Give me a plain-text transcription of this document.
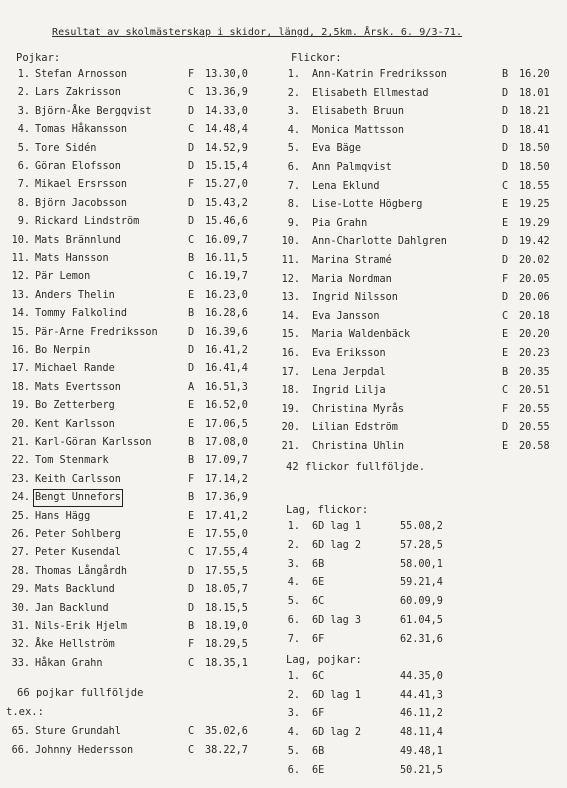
Resultat av skolmästerskap i skidor, längd, 2,5km. Årsk. 6. 9/3-71.
Pojkar:	Flickor:
1. Stefan Arnosson	F 13.30,0
2. Lars Zakrisson	C 13.36,9
3. Björn-Åke Bergqvist	D 14.33,0
4. Tomas Håkansson	C 14.48,4
5. Tore Sidén	D 14.52,9
6. Göran Elofsson	D 15.15,4
7. Mikael Ersrsson	F 15.27,0
8. Björn Jacobsson	D 15.43,2
9. Rickard Lindström	D 15.46,6
10. Mats Brännlund	C 16.09,7
11. Mats Hansson	B 16.11,5
12. Pär Lemon	C 16.19,7
13. Anders Thelin	E 16.23,0
14. Tommy Falkolind	B 16.28,6
15. Pär-Arne Fredriksson	D 16.39,6
16. Bo Nerpin	D 16.41,2
17. Michael Rande	D 16.41,4
18. Mats Evertsson	A 16.51,3
19. Bo Zetterberg	E 16.52,0
20. Kent Karlsson	E 17.06,5
21. Karl-Göran Karlsson	B 17.08,0
22. Tom Stenmark	B 17.09,7
23. Keith Carlsson	F 17.14,2
24. Bengt Unnefors	B 17.36,9
25. Hans Hägg	E 17.41,2
26. Peter Sohlberg	E 17.55,0
27. Peter Kusendal	C 17.55,4
28. Thomas Långårdh	D 17.55,5
29. Mats Backlund	D 18.05,7
30. Jan Backlund	D 18.15,5
31. Nils-Erik Hjelm	B 18.19,0
32. Åke Hellström	F 18.29,5
33. Håkan Grahn	C 18.35,1
1. Ann-Katrin Fredriksson	B 16.20
2. Elisabeth Ellmestad	D 18.01
3. Elisabeth Bruun	D 18.21
4. Monica Mattsson	D 18.41
5. Eva Bäge	D 18.50
6. Ann Palmqvist	D 18.50
7. Lena Eklund	C 18.55
8. Lise-Lotte Högberg	E 19.25
9. Pia Grahn	E 19.29
10. Ann-Charlotte Dahlgren	D 19.42
11. Marina Stramé	D 20.02
12. Maria Nordman	F 20.05
13. Ingrid Nilsson	D 20.06
14. Eva Jansson	C 20.18
15. Maria Waldenbäck	E 20.20
16. Eva Eriksson	E 20.23
17. Lena Jerpdal	B 20.35
18. Ingrid Lilja	C 20.51
19. Christina Myrås	F 20.55
20. Lilian Edström	D 20.55
21. Christina Uhlin	E 20.58
66 pojkar fullföljde
t.ex.:
65. Sture Grundahl	C 35.02,6
66. Johnny Hedersson	C 38.22,7
42 flickor fullföljde.
Lag, flickor:
1. 6D lag 1	55.08,2
2. 6D lag 2	57.28,5
3. 6B	58.00,1
4. 6E	59.21,4
5. 6C	60.09,9
6. 6D lag 3	61.04,5
7. 6F	62.31,6
Lag, pojkar:
1. 6C	44.35,0
2. 6D lag 1	44.41,3
3. 6F	46.11,2
4. 6D lag 2	48.11,4
5. 6B	49.48,1
6. 6E	50.21,5
